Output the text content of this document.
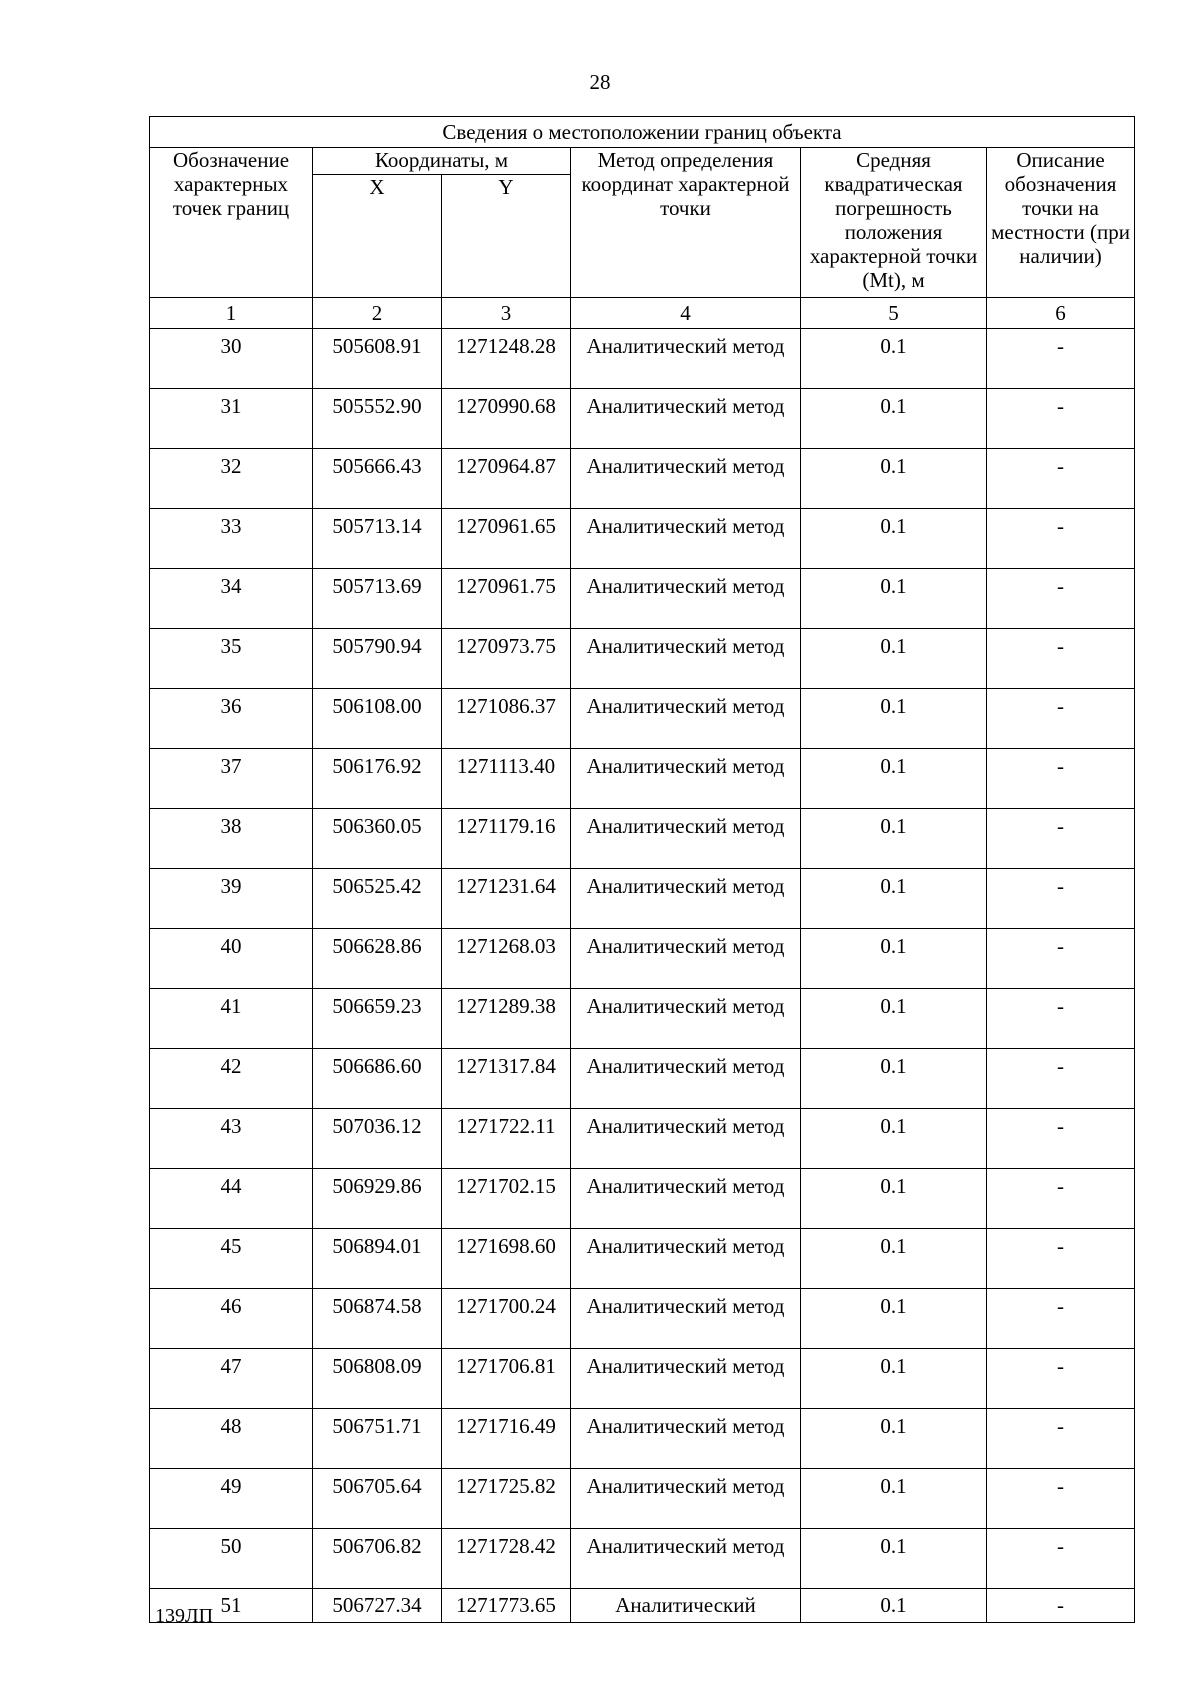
28
Сведения о местоположении границ объекта					
Обозначение характерных точек границ	Координаты, м		Метод определения координат характерной точки	Средняя квадратическая погрешность положения характерной точки (Mt), м	Описание обозначения точки на местности (при наличии)
	X	Y			
1	2	3	4	5	6
30	505608.91	1271248.28	Аналитический метод	0.1	-
31	505552.90	1270990.68	Аналитический метод	0.1	-
32	505666.43	1270964.87	Аналитический метод	0.1	-
33	505713.14	1270961.65	Аналитический метод	0.1	-
34	505713.69	1270961.75	Аналитический метод	0.1	-
35	505790.94	1270973.75	Аналитический метод	0.1	-
36	506108.00	1271086.37	Аналитический метод	0.1	-
37	506176.92	1271113.40	Аналитический метод	0.1	-
38	506360.05	1271179.16	Аналитический метод	0.1	-
39	506525.42	1271231.64	Аналитический метод	0.1	-
40	506628.86	1271268.03	Аналитический метод	0.1	-
41	506659.23	1271289.38	Аналитический метод	0.1	-
42	506686.60	1271317.84	Аналитический метод	0.1	-
43	507036.12	1271722.11	Аналитический метод	0.1	-
44	506929.86	1271702.15	Аналитический метод	0.1	-
45	506894.01	1271698.60	Аналитический метод	0.1	-
46	506874.58	1271700.24	Аналитический метод	0.1	-
47	506808.09	1271706.81	Аналитический метод	0.1	-
48	506751.71	1271716.49	Аналитический метод	0.1	-
49	506705.64	1271725.82	Аналитический метод	0.1	-
50	506706.82	1271728.42	Аналитический метод	0.1	-
51	506727.34	1271773.65	Аналитический	0.1	-
139ЛП
